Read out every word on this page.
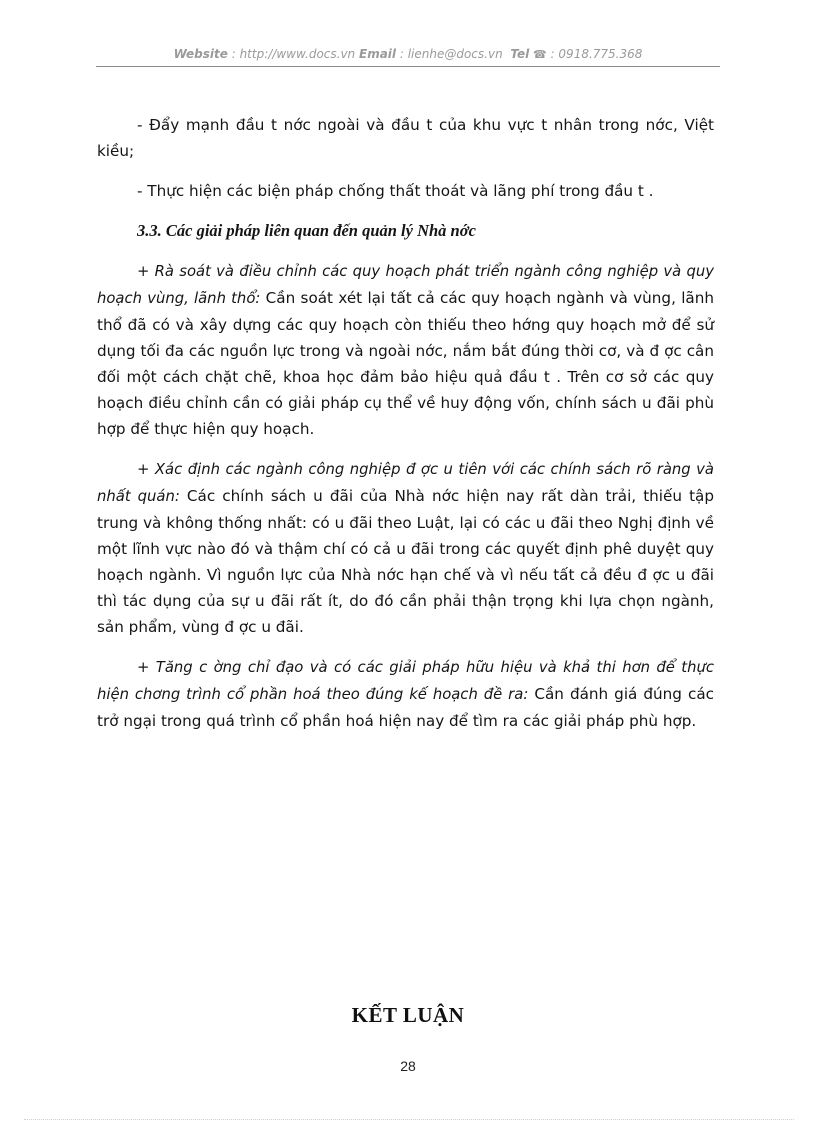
Website : http://www.docs.vn Email : lienhe@docs.vn Tel ☎ : 0918.775.368

- Đẩy mạnh đầu t nớc ngoài và đầu t của khu vực t nhân trong nớc, Việt kiều;

- Thực hiện các biện pháp chống thất thoát và lãng phí trong đầu t .

3.3. Các giải pháp liên quan đến quản lý Nhà nớc

+ Rà soát và điều chỉnh các quy hoạch phát triển ngành công nghiệp và quy hoạch vùng, lãnh thổ: Cần soát xét lại tất cả các quy hoạch ngành và vùng, lãnh thổ đã có và xây dựng các quy hoạch còn thiếu theo hớng quy hoạch mở để sử dụng tối đa các nguồn lực trong và ngoài nớc, nắm bắt đúng thời cơ, và đ ợc cân đối một cách chặt chẽ, khoa học đảm bảo hiệu quả đầu t . Trên cơ sở các quy hoạch điều chỉnh cần có giải pháp cụ thể về huy động vốn, chính sách u đãi phù hợp để thực hiện quy hoạch.

+ Xác định các ngành công nghiệp đ ợc u tiên với các chính sách rõ ràng và nhất quán: Các chính sách u đãi của Nhà nớc hiện nay rất dàn trải, thiếu tập trung và không thống nhất: có u đãi theo Luật, lại có các u đãi theo Nghị định về một lĩnh vực nào đó và thậm chí có cả u đãi trong các quyết định phê duyệt quy hoạch ngành. Vì nguồn lực của Nhà nớc hạn chế và vì nếu tất cả đều đ ợc u đãi thì tác dụng của sự u đãi rất ít, do đó cần phải thận trọng khi lựa chọn ngành, sản phẩm, vùng đ ợc u đãi.

+ Tăng c ờng chỉ đạo và có các giải pháp hữu hiệu và khả thi hơn để thực hiện chơng trình cổ phần hoá theo đúng kế hoạch đề ra: Cần đánh giá đúng các trở ngại trong quá trình cổ phần hoá hiện nay để tìm ra các giải pháp phù hợp.

KẾT LUẬN
28
